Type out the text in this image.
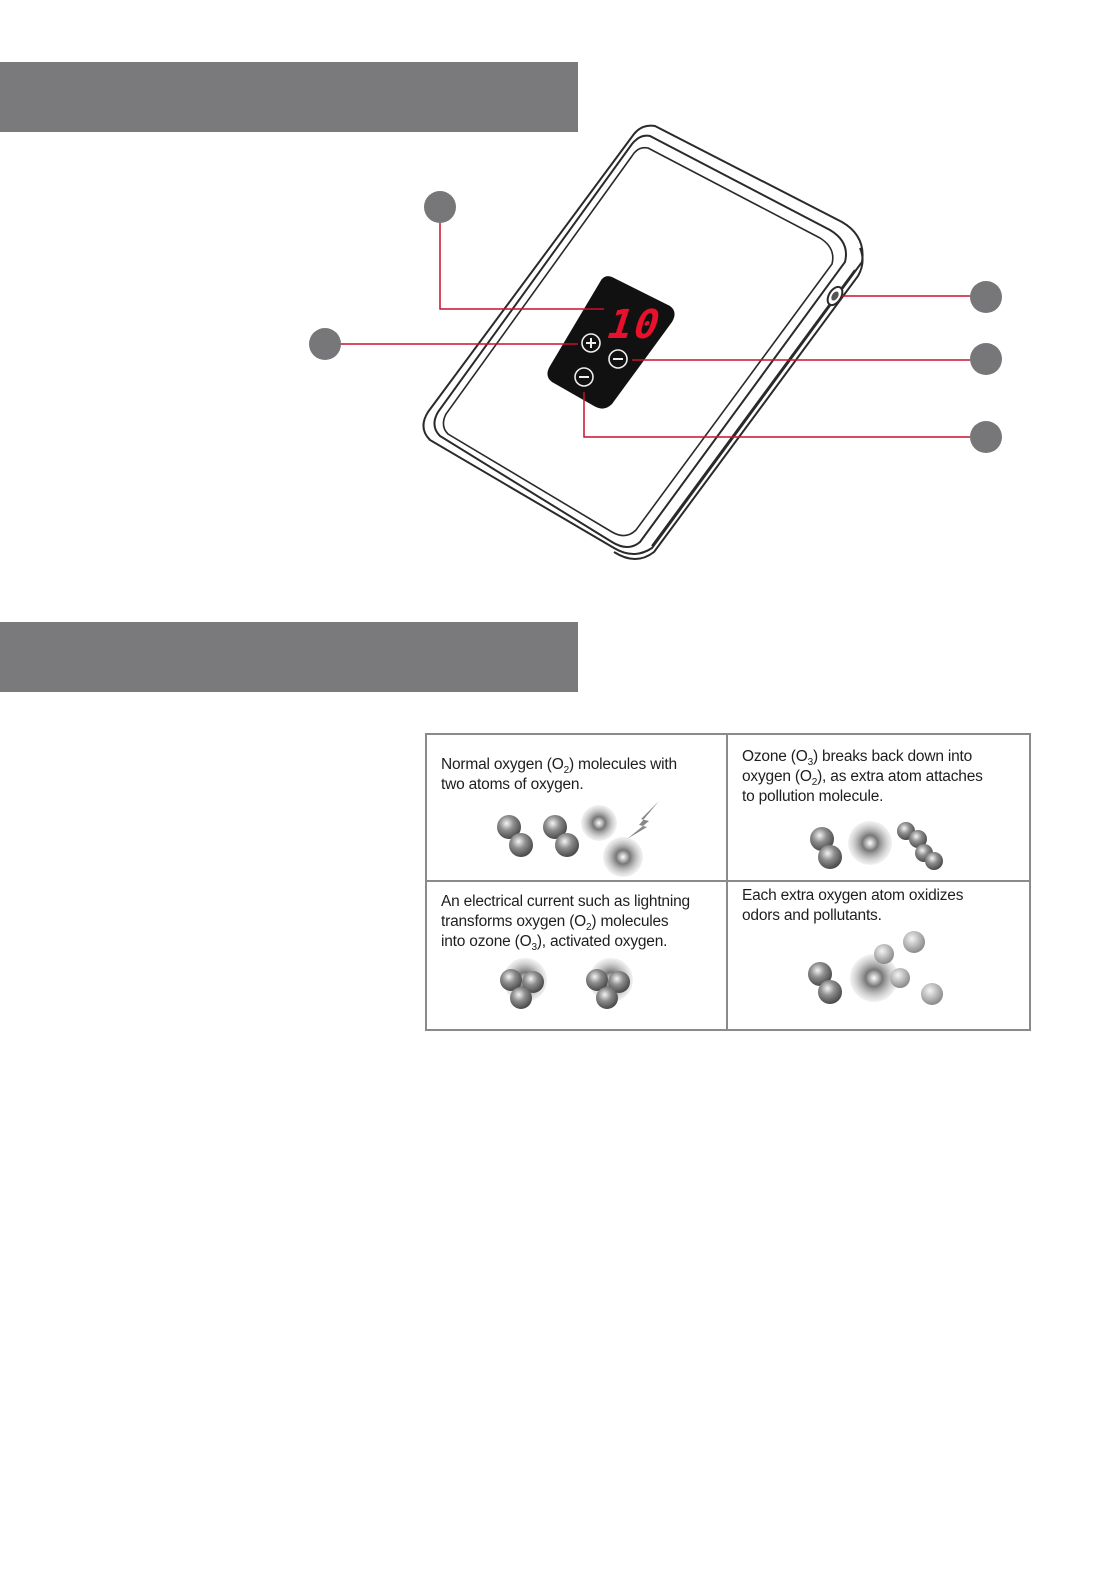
10
Normal oxygen $(O_2)$ molecules with
two atoms of oxygen.
Ozone $(O_3)$ breaks back down into
oxygen $(O_2)$, as extra atom attaches
to pollution molecule.
An electrical current such as lightning
transforms oxygen $(O_2)$ molecules
into ozone $(O_3)$, activated oxygen.
Each extra oxygen atom oxidizes
odors and pollutants.
